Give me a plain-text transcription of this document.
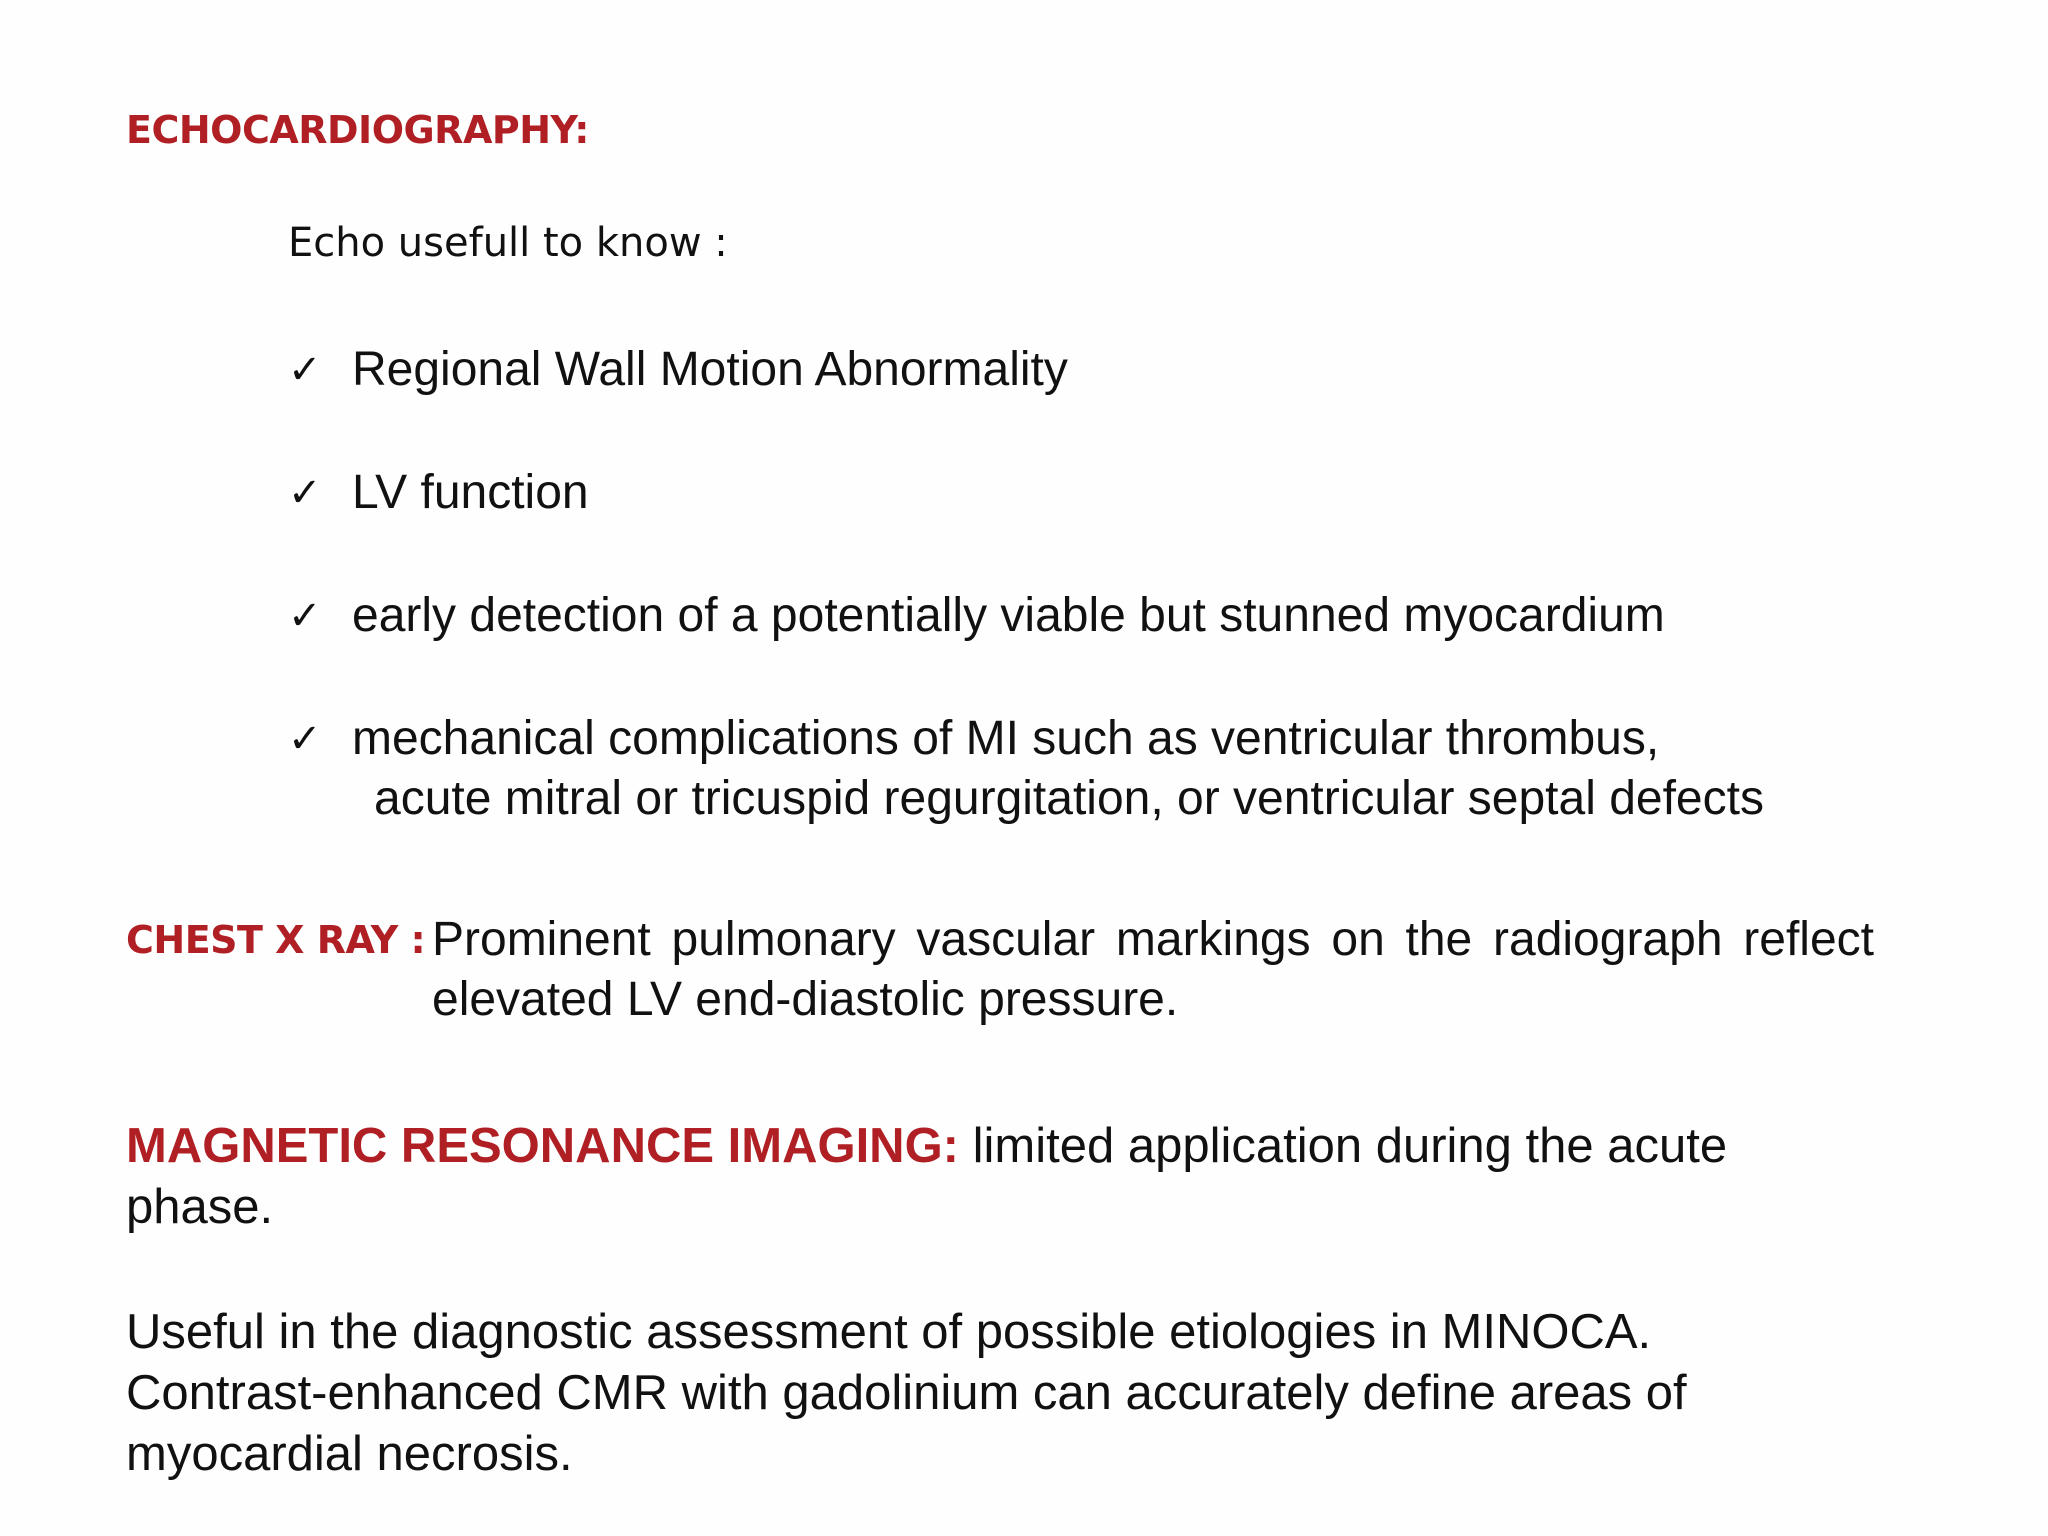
ECHOCARDIOGRAPHY:
Echo usefull to know :
✓ Regional Wall Motion Abnormality
✓ LV function
✓ early detection of a potentially viable but stunned myocardium
✓ mechanical complications of MI such as ventricular thrombus,
acute mitral or tricuspid regurgitation, or ventricular septal defects
CHEST X RAY : Prominent pulmonary vascular markings on the radiograph reflect elevated LV end-diastolic pressure.
MAGNETIC RESONANCE IMAGING: limited application during the acute phase.
Useful in the diagnostic assessment of possible etiologies in MINOCA.
Contrast-enhanced CMR with gadolinium can accurately define areas of myocardial necrosis.
